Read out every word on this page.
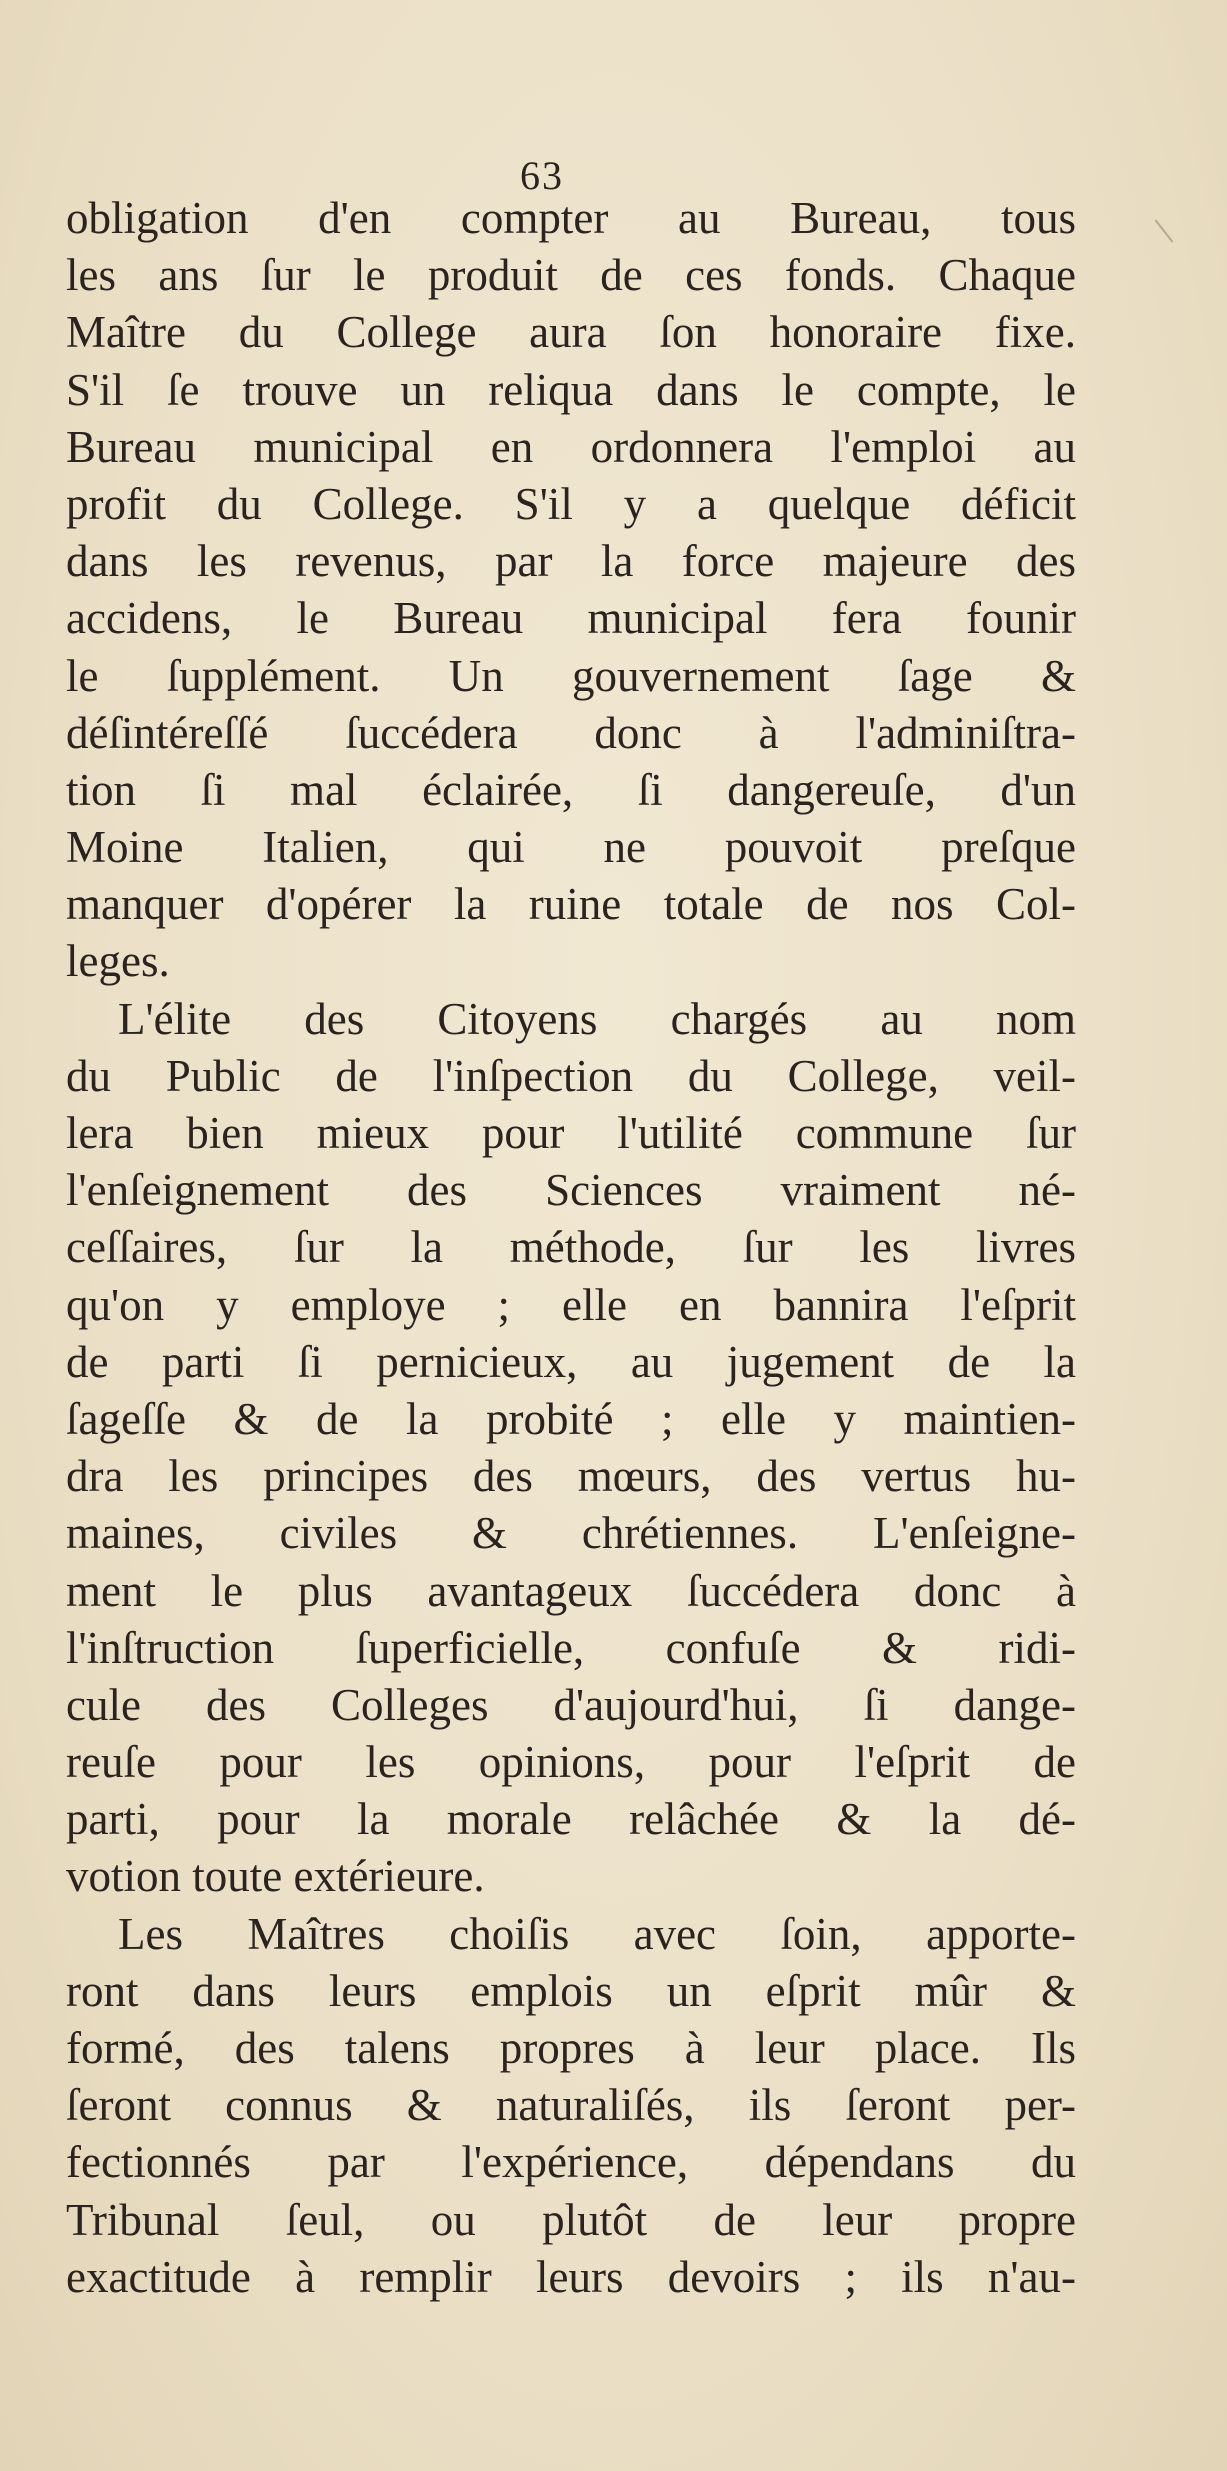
63
obligation d'en compter au Bureau, tous
les ans ſur le produit de ces fonds. Chaque
Maître du College aura ſon honoraire fixe.
S'il ſe trouve un reliqua dans le compte, le
Bureau municipal en ordonnera l'emploi au
profit du College. S'il y a quelque déficit
dans les revenus, par la force majeure des
accidens, le Bureau municipal fera founir
le ſupplément. Un gouvernement ſage &
déſintéreſſé ſuccédera donc à l'adminiſtra-
tion ſi mal éclairée, ſi dangereuſe, d'un
Moine Italien, qui ne pouvoit preſque
manquer d'opérer la ruine totale de nos Col-
leges.
L'élite des Citoyens chargés au nom
du Public de l'inſpection du College, veil-
lera bien mieux pour l'utilité commune ſur
l'enſeignement des Sciences vraiment né-
ceſſaires, ſur la méthode, ſur les livres
qu'on y employe ; elle en bannira l'eſprit
de parti ſi pernicieux, au jugement de la
ſageſſe & de la probité ; elle y maintien-
dra les principes des mœurs, des vertus hu-
maines, civiles & chrétiennes. L'enſeigne-
ment le plus avantageux ſuccédera donc à
l'inſtruction ſuperficielle, confuſe & ridi-
cule des Colleges d'aujourd'hui, ſi dange-
reuſe pour les opinions, pour l'eſprit de
parti, pour la morale relâchée & la dé-
votion toute extérieure.
Les Maîtres choiſis avec ſoin, apporte-
ront dans leurs emplois un eſprit mûr &
formé, des talens propres à leur place. Ils
ſeront connus & naturaliſés, ils ſeront per-
fectionnés par l'expérience, dépendans du
Tribunal ſeul, ou plutôt de leur propre
exactitude à remplir leurs devoirs ; ils n'au-
